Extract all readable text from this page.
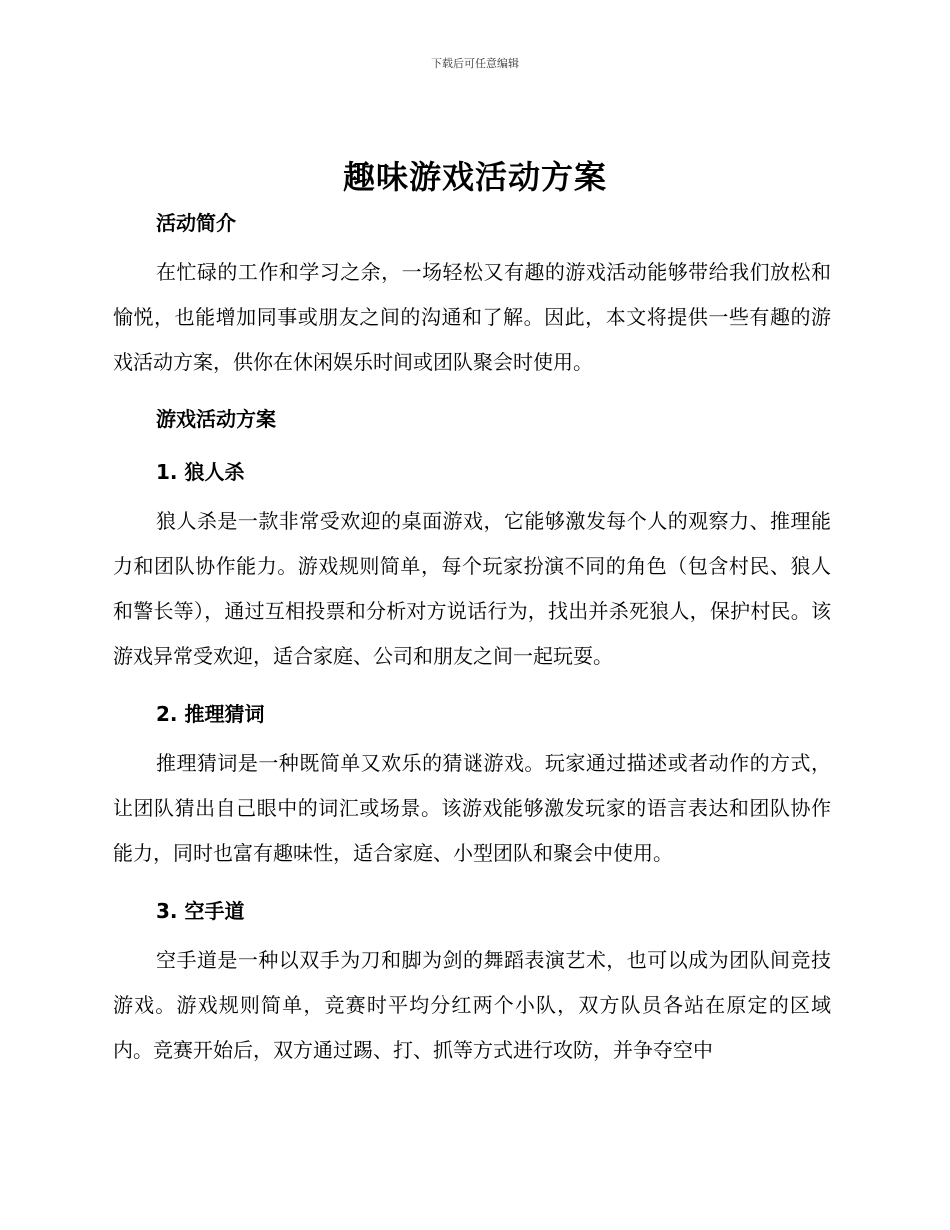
下载后可任意编辑
趣味游戏活动方案
活动简介

在忙碌的工作和学习之余，一场轻松又有趣的游戏活动能够带给我们放松和愉悦，也能增加同事或朋友之间的沟通和了解。因此，本文将提供一些有趣的游戏活动方案，供你在休闲娱乐时间或团队聚会时使用。

游戏活动方案
1. 狼人杀

狼人杀是一款非常受欢迎的桌面游戏，它能够激发每个人的观察力、推理能力和团队协作能力。游戏规则简单，每个玩家扮演不同的角色（包含村民、狼人和警长等），通过互相投票和分析对方说话行为，找出并杀死狼人，保护村民。该游戏异常受欢迎，适合家庭、公司和朋友之间一起玩耍。

2. 推理猜词

推理猜词是一种既简单又欢乐的猜谜游戏。玩家通过描述或者动作的方式，让团队猜出自己眼中的词汇或场景。该游戏能够激发玩家的语言表达和团队协作能力，同时也富有趣味性，适合家庭、小型团队和聚会中使用。

3. 空手道

空手道是一种以双手为刀和脚为剑的舞蹈表演艺术，也可以成为团队间竞技游戏。游戏规则简单，竞赛时平均分红两个小队，双方队员各站在原定的区域内。竞赛开始后，双方通过踢、打、抓等方式进行攻防，并争夺空中
